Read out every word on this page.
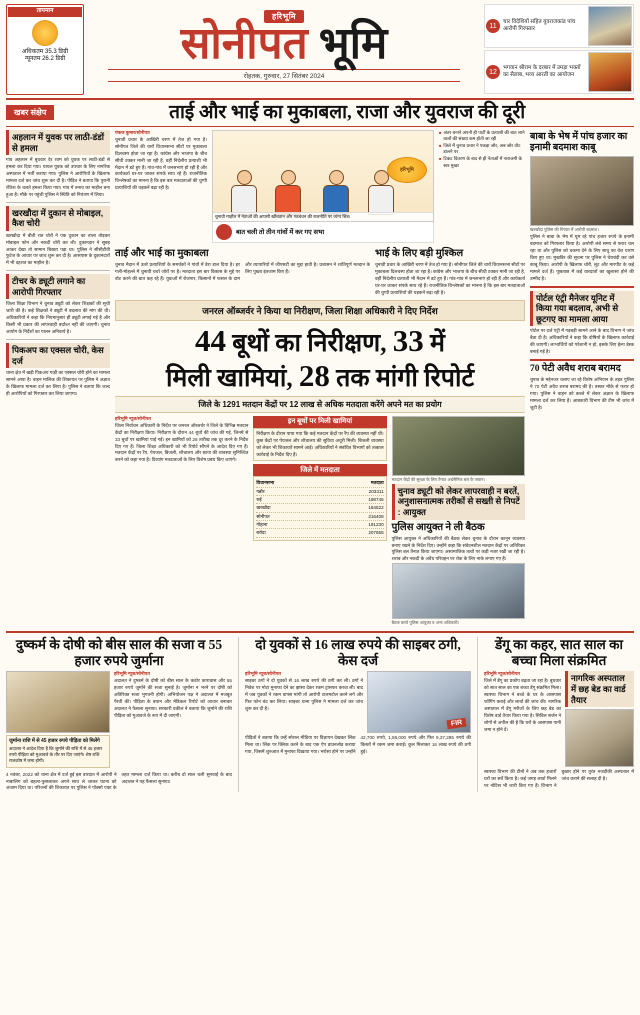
तापमान
अधिकतम 35.3 डिग्री
न्यूनतम 26.2 डिग्री
हरिभूमि
सोनीपत भूमि
रोहतक, गुरुवार, 27 सितंबर 2024
11
चार विदेशियों सहित युवराजकांड पांच आरोपी गिरफ्तार
12
भगवान श्रीराम के दरबार में उमड़ा भक्तों का सैलाब, भव्य आरती का आयोजन
खबर संक्षेप	ताई और भाई का मुकाबला, राजा और युवराज की दूरी
अहलान में युवक पर लाठी-डंडों से हमला
गांव अहलान में बुधवार देर शाम को युवक पर लाठी-डंडों से हमला कर दिया गया। घायल युवक को उपचार के लिए नागरिक अस्पताल में भर्ती कराया गया। पुलिस ने आरोपियों के खिलाफ मामला दर्ज कर जांच शुरू कर दी है। पीड़ित ने बताया कि पुरानी रंजिश के चलते हमला किया गया। गांव में तनाव का माहौल बना हुआ है। मौके पर पहुंची पुलिस ने स्थिति को नियंत्रण में लिया।
खरखौदा में दुकान से मोबाइल, कैश चोरी
खरखौदा में बीती रात चोरों ने एक दुकान का ताला तोड़कर मोबाइल फोन और नकदी चोरी कर ली। दुकानदार ने सुबह आकर देखा तो सामान बिखरा पड़ा था। पुलिस ने सीसीटीवी फुटेज के आधार पर जांच शुरू कर दी है। आसपास के दुकानदारों में भी दहशत का माहौल है।
टीचर के ड्यूटी लगाने का आरोपी गिरफ्तार
जिला शिक्षा विभाग ने चुनाव ड्यूटी को लेकर शिक्षकों की सूची जारी की है। कई शिक्षकों ने ड्यूटी में बदलाव की मांग की थी। अधिकारियों ने कहा कि नियमानुसार ही ड्यूटी लगाई गई है और किसी भी प्रकार की लापरवाही बर्दाश्त नहीं की जाएगी। चुनाव आयोग के निर्देशों का पालन अनिवार्य है।
पिकअप का एक्सल चोरी, केस दर्ज
थाना क्षेत्र में खड़ी पिकअप गाड़ी का एक्सल चोरी होने का मामला सामने आया है। वाहन मालिक की शिकायत पर पुलिस ने अज्ञात के खिलाफ मामला दर्ज कर लिया है। पुलिस ने बताया कि जल्द ही आरोपियों को गिरफ्तार कर लिया जाएगा।
पंकज कुमार/सोनीपत
चुनावी प्रचार के आखिरी चरण में तेज हो गया है। सोनीपत जिले की चारों विधानसभा सीटों पर मुकाबला दिलचस्प होता जा रहा है। कांग्रेस और भाजपा के बीच सीधी टक्कर मानी जा रही है, वहीं निर्दलीय प्रत्याशी भी मैदान में डटे हुए हैं। गांव-गांव में जनसभाएं हो रही हैं और कार्यकर्ता घर-घर जाकर संपर्क साध रहे हैं। राजनीतिक विश्लेषकों का मानना है कि इस बार मतदाताओं की चुप्पी प्रत्याशियों की धड़कनें बढ़ा रही है।
हरिभूमि
चुनावी माहौल में नेताओं की आपसी खींचतान और गठबंधन की राजनीति पर व्यंग्य चित्र।
बात चली तो तीन गांवों में कर गए सभा
■ अंतर बनाने अपनी ही पार्टी के प्रत्याशी की बात लाने वालों की संख्या कम होती जा रही
■ जिले में चुनाव प्रचार ने पकड़ा जोर, अब जोर वोट डालने पर
■ टिकट वितरण के बाद से ही नेताओं में नाराजगी के स्वर मुखर
ताई और भाई का मुकाबला
चुनाव मैदान में उतरे प्रत्याशियों के समर्थकों ने गांवों में डेरा डाल दिया है। हर गली-मोहल्ले में चुनावी चर्चा जोरों पर है। मतदाता इस बार विकास के मुद्दे पर वोट करने की बात कह रहे हैं। युवाओं में रोजगार, किसानों में फसल के दाम और व्यापारियों में जीएसटी का मुद्दा हावी है। प्रशासन ने शांतिपूर्ण मतदान के लिए पुख्ता इंतजाम किए हैं।
भाई के लिए बड़ी मुश्किल
चुनावी प्रचार के आखिरी चरण में तेज हो गया है। सोनीपत जिले की चारों विधानसभा सीटों पर मुकाबला दिलचस्प होता जा रहा है। कांग्रेस और भाजपा के बीच सीधी टक्कर मानी जा रही है, वहीं निर्दलीय प्रत्याशी भी मैदान में डटे हुए हैं। गांव-गांव में जनसभाएं हो रही हैं और कार्यकर्ता घर-घर जाकर संपर्क साध रहे हैं। राजनीतिक विश्लेषकों का मानना है कि इस बार मतदाताओं की चुप्पी प्रत्याशियों की धड़कनें बढ़ा रही है।
जनरल ऑब्जर्वर ने किया था निरीक्षण, जिला शिक्षा अधिकारी ने दिए निर्देश
44 बूथों का निरीक्षण, 33 में
मिली खामियां, 28 तक मांगी रिपोर्ट
जिले के 1291 मतदान केंद्रों पर 12 लाख से अधिक मतदाता करेंगे अपने मत का प्रयोग
हरिभूमि न्यूज/सोनीपत
जिला निर्वाचन अधिकारी के निर्देश पर जनरल ऑब्जर्वर ने जिले के विभिन्न मतदान केंद्रों का निरीक्षण किया। निरीक्षण के दौरान 44 बूथों की जांच की गई, जिनमें से 33 बूथों पर खामियां पाई गईं। इन खामियों को 28 तारीख तक दूर करने के निर्देश दिए गए हैं। जिला शिक्षा अधिकारी को भी रिपोर्ट सौंपने के आदेश दिए गए हैं। मतदान केंद्रों पर रैंप, पेयजल, बिजली, शौचालय और छाया की व्यवस्था सुनिश्चित करने को कहा गया है। दिव्यांग मतदाताओं के लिए विशेष प्रबंध किए जाएंगे।
इन बूथों पर मिली खामियां
निरीक्षण के दौरान पाया गया कि कई मतदान केंद्रों पर रैंप की व्यवस्था नहीं थी। कुछ केंद्रों पर पेयजल और शौचालय की सुविधा अधूरी मिली। बिजली व्यवस्था को लेकर भी शिकायतें सामने आईं। अधिकारियों ने संबंधित विभागों को तत्काल कार्रवाई के निर्देश दिए हैं।
जिले में मतदाता
विधानसभा	मतदाता
गन्नौर	203311
राई	198745
खरखौदा	184522
सोनीपत	216408
गोहाना	191230
बरोदा	207655
मतदान केंद्रों की सुरक्षा के लिए तैनात अर्धसैनिक बल के जवान।
चुनाव ड्यूटी को लेकर लापरवाही न बरतें, अनुशासनात्मक तरीकों से सख्ती से निपटें : आयुक्त
पुलिस आयुक्त ने ली बैठक
पुलिस आयुक्त ने अधिकारियों की बैठक लेकर चुनाव के दौरान कानून व्यवस्था बनाए रखने के निर्देश दिए। उन्होंने कहा कि संवेदनशील मतदान केंद्रों पर अतिरिक्त पुलिस बल तैनात किया जाएगा। असामाजिक तत्वों पर कड़ी नजर रखी जा रही है। शराब और नकदी के अवैध परिवहन पर रोक के लिए नाके लगाए गए हैं।
बैठक करते पुलिस आयुक्त व अन्य अधिकारी।
बाबा के भेष में पांच हजार का इनामी बदमाश काबू
खरखौदा पुलिस की गिरफ्त में आरोपी बदमाश।
पुलिस ने बाबा के भेष में घूम रहे पांच हजार रुपये के इनामी बदमाश को गिरफ्तार किया है। आरोपी लंबे समय से फरार चल रहा था और पुलिस को चकमा देने के लिए साधु का वेश धारण किए हुए था। मुखबिर की सूचना पर पुलिस ने घेराबंदी कर उसे काबू किया। आरोपी के खिलाफ चोरी, लूट और मारपीट के कई मामले दर्ज हैं। पूछताछ में कई वारदातों का खुलासा होने की उम्मीद है।
पोर्टल एंट्री मैनेजर यूनिट में किया गया बदलाव, अभी से छूटगए का मामला आया
पोर्टल पर दर्ज एंट्री में गड़बड़ी सामने आने के बाद विभाग ने जांच बैठा दी है। अधिकारियों ने कहा कि दोषियों के खिलाफ कार्रवाई की जाएगी। लाभार्थियों को परेशानी न हो, इसके लिए हेल्प डेस्क बनाई गई है।
70 पेटी अवैध शराब बरामद
चुनाव के मद्देनजर चलाए जा रहे विशेष अभियान के तहत पुलिस ने 70 पेटी अवैध शराब बरामद की है। तस्कर मौके से फरार हो गया। पुलिस ने वाहन को कब्जे में लेकर अज्ञात के खिलाफ मामला दर्ज कर लिया है। आबकारी विभाग की टीम भी जांच में जुटी है।
दुष्कर्म के दोषी को बीस साल की सजा व 55 हजार रुपये जुर्माना
जुर्माना राशि में से 45 हजार रुपये पीड़िता को मिलेंगे
अदालत ने आदेश दिया है कि जुर्माने की राशि में से 45 हजार रुपये पीड़िता को मुआवजे के तौर पर दिए जाएंगे। शेष राशि राजकोष में जमा होगी।
हरिभूमि न्यूज/सोनीपत
अदालत ने दुष्कर्म के दोषी को बीस साल के कठोर कारावास और 55 हजार रुपये जुर्माने की सजा सुनाई है। जुर्माना न भरने पर दोषी को अतिरिक्त सजा भुगतनी होगी। अभियोजन पक्ष ने अदालत में मजबूत पैरवी की। पीड़िता के बयान और मेडिकल रिपोर्ट को आधार बनाकर अदालत ने फैसला सुनाया। सरकारी वकील ने बताया कि जुर्माने की राशि पीड़िता को मुआवजे के रूप में दी जाएगी।
4 नवंबर, 2022 को थाना क्षेत्र में दर्ज हुई इस वारदात में आरोपी ने नाबालिग को बहला-फुसलाकर अपने साथ ले जाकर घटना को अंजाम दिया था। परिजनों की शिकायत पर पुलिस ने पॉक्सो एक्ट के तहत मामला दर्ज किया था। करीब दो साल चली सुनवाई के बाद अदालत ने यह फैसला सुनाया।
दो युवकों से 16 लाख रुपये की साइबर ठगी, केस दर्ज
हरिभूमि न्यूज/सोनीपत
साइबर ठगों ने दो युवकों से 16 लाख रुपये की ठगी कर ली। ठगों ने निवेश पर मोटा मुनाफा देने का झांसा देकर रकम ट्रांसफर करवा ली। बाद में जब युवकों ने रकम वापस मांगी तो आरोपी टालमटोल करने लगे और फिर फोन बंद कर लिया। साइबर थाना पुलिस ने मामला दर्ज कर जांच शुरू कर दी है।
FIR
पीड़ितों ने बताया कि उन्हें सोशल मीडिया पर विज्ञापन देखकर लिंक मिला था। लिंक पर क्लिक करने के बाद एक ऐप डाउनलोड कराया गया, जिसमें शुरुआत में मुनाफा दिखाया गया। भरोसा होने पर उन्होंने 42,700 रुपये, 1,86,000 रुपये और फिर 9,37,295 रुपये की किस्तों में रकम जमा कराई। कुल मिलाकर 16 लाख रुपये की ठगी हुई।
डेंगू का कहर, सात साल का बच्चा मिला संक्रमित
हरिभूमि न्यूज/सोनीपत
जिले में डेंगू का प्रकोप बढ़ता जा रहा है। बुधवार को सात साल का एक बच्चा डेंगू संक्रमित मिला। स्वास्थ्य विभाग ने बच्चे के घर के आसपास फॉगिंग कराई और लार्वा की जांच की। नागरिक अस्पताल में डेंगू मरीजों के लिए छह बेड का विशेष वार्ड तैयार किया गया है। सिविल सर्जन ने लोगों से अपील की है कि घरों के आसपास पानी जमा न होने दें।
नागरिक अस्पताल में छह बेड का वार्ड तैयार
स्वास्थ्य विभाग की टीमों ने अब तक हजारों घरों का सर्वे किया है। कई जगह लार्वा मिलने पर नोटिस भी जारी किए गए हैं। विभाग ने बुखार होने पर तुरंत नजदीकी अस्पताल में जांच कराने की सलाह दी है।
